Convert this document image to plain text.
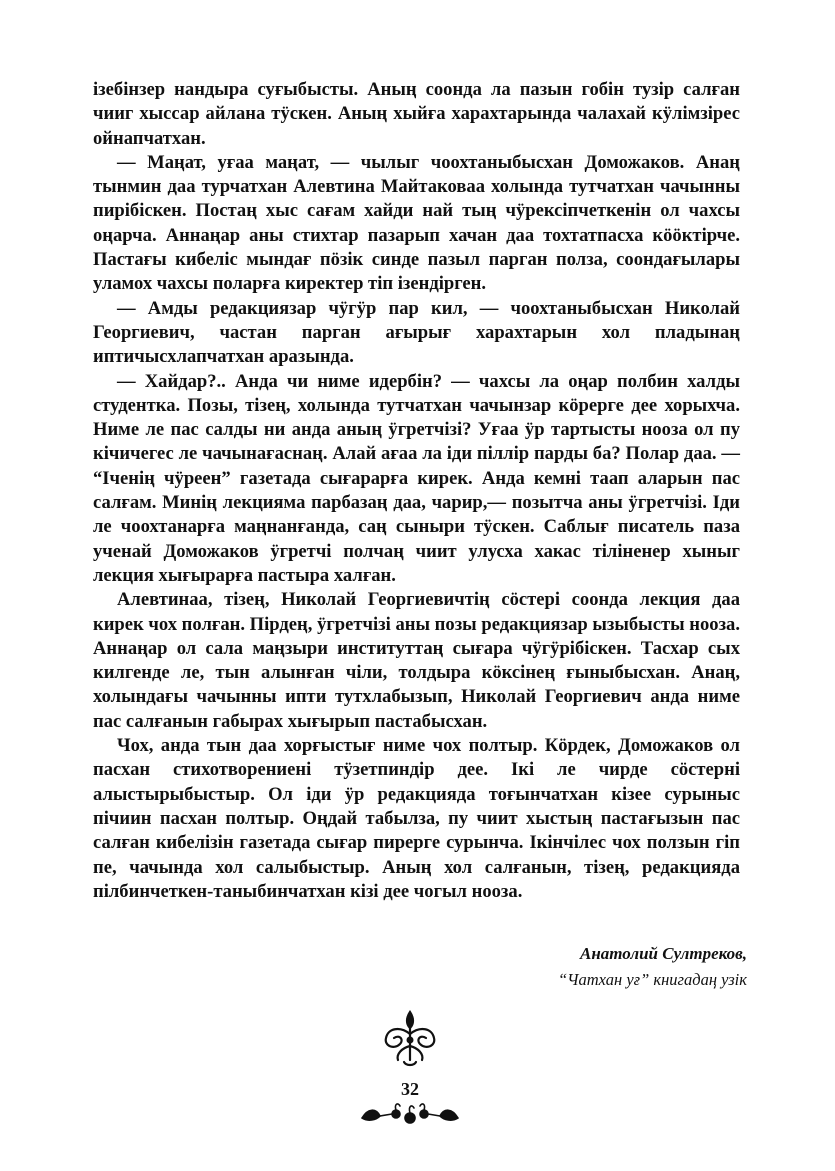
ізебінзер нандыра суғыбысты. Аның соонда ла пазын гобін тузір салған чииг хыссар айлана тӱскен. Аның хыйға харахтарында чалахай кӱлімзірес ойнапчатхан.

— Маңат, уғаа маңат, — чылыг чоохтаныбысхан Доможаков. Анаң тынмин даа турчатхан Алевтина Майтаковаа холында тутчатхан чачынны пирібіскен. Постаң хыс сағам хайди най тың чӱрексіпчеткенін ол чахсы оңарча. Аннаңар аны стихтар пазарып хачан даа тохтатпасха кööктірче. Пастағы кибеліс мындағ пöзік синде пазыл парган полза, соондағылары уламох чахсы поларға киректер тіп ізендірген.

— Амды редакциязар чӱгӱр пар кил, — чоохтаныбысхан Николай Георгиевич, частан парган ағырығ харахтарын хол пладынаң иптичысхлапчатхан аразында.

— Хайдар?.. Анда чи ниме идербін? — чахсы ла оңар полбин халды студентка. Позы, тізең, холында тутчатхан чачынзар кöрерге дее хорыхча. Ниме ле пас салды ни анда аның ӱгретчізі? Уғаа ӱр тартысты нооза ол пу кічичегес ле чачынағаснаң. Алай ағаа ла іди піллір парды ба? Полар даа. — “Іченің чӱреен” газетада сығарарға кирек. Анда кемні таап аларын пас салғам. Минің лекцияма парбазаң даа, чарир,— позытча аны ӱгретчізі. Іди ле чоохтанарға маңнанғанда, саң сыныри тӱскен. Саблығ писатель паза ученай Доможаков ӱгретчі полчаң чиит улусха хакас тіліненер хыныг лекция хығырарға пастыра халған.

Алевтинаа, тізең, Николай Георгиевичтің сöстері соонда лекция даа кирек чох полған. Пірдең, ӱгретчізі аны позы редакциязар ызыбысты нооза. Аннаңар ол сала маңзыри институттаң сығара чӱгӱрібіскен. Тасхар сых килгенде ле, тын алынған чіли, толдыра кöксінең ғыныбысхан. Анаң, холындағы чачынны ипти тутхлабызып, Николай Георгиевич анда ниме пас салғанын габырах хығырып пастабысхан.

Чох, анда тын даа хорғыстығ ниме чох полтыр. Кöрдек, Доможаков ол пасхан стихотворениені тӱзетпиндір дее. Ікі ле чирде сöстерні алыстырыбыстыр. Ол іди ӱр редакцияда тоғынчатхан кізее сурыныс пічиин пасхан полтыр. Оңдай табылза, пу чиит хыстың пастағызын пас салған кибелізін газетада сығар пирерге сурынча. Ікінчілес чох ползын гіп пе, чачында хол салыбыстыр. Аның хол салғанын, тізең, редакцияда пілбинчеткен-таныбинчатхан кізі дее чогыл нооза.

Анатолий Султреков,
“Чатхан уғ” книгадаң узік
32
